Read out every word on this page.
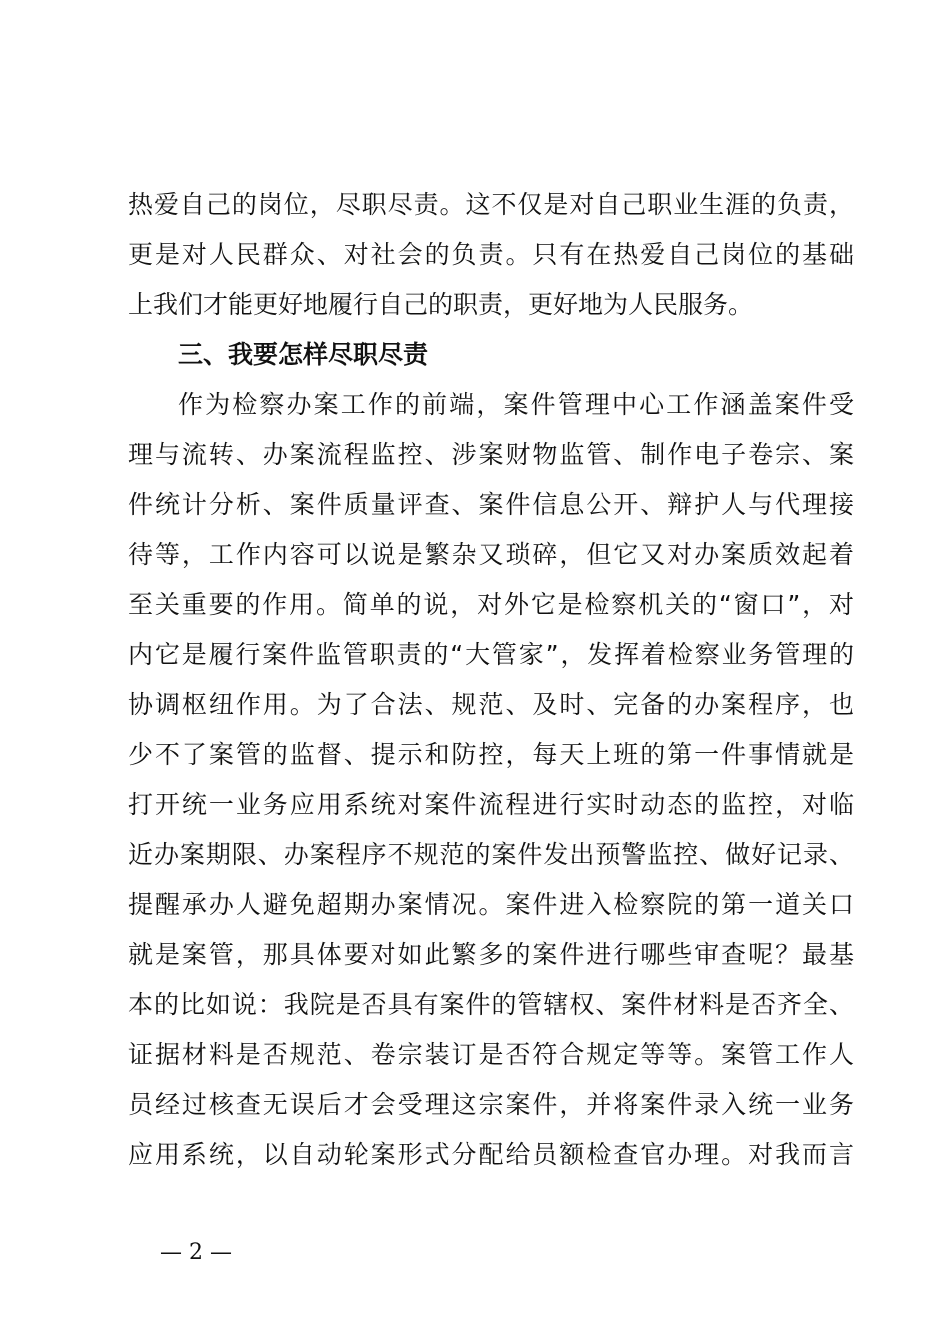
热爱自己的岗位，尽职尽责。这不仅是对自己职业生涯的负责，
更是对人民群众、对社会的负责。只有在热爱自己岗位的基础
上我们才能更好地履行自己的职责，更好地为人民服务。
三、我要怎样尽职尽责
作为检察办案工作的前端，案件管理中心工作涵盖案件受
理与流转、办案流程监控、涉案财物监管、制作电子卷宗、案
件统计分析、案件质量评查、案件信息公开、辩护人与代理接
待等，工作内容可以说是繁杂又琐碎，但它又对办案质效起着
至关重要的作用。简单的说，对外它是检察机关的“窗口”，对
内它是履行案件监管职责的“大管家”，发挥着检察业务管理的
协调枢纽作用。为了合法、规范、及时、完备的办案程序，也
少不了案管的监督、提示和防控，每天上班的第一件事情就是
打开统一业务应用系统对案件流程进行实时动态的监控，对临
近办案期限、办案程序不规范的案件发出预警监控、做好记录、
提醒承办人避免超期办案情况。案件进入检察院的第一道关口
就是案管，那具体要对如此繁多的案件进行哪些审查呢？最基
本的比如说：我院是否具有案件的管辖权、案件材料是否齐全、
证据材料是否规范、卷宗装订是否符合规定等等。案管工作人
员经过核查无误后才会受理这宗案件，并将案件录入统一业务
应用系统，以自动轮案形式分配给员额检查官办理。对我而言
— 2 —
